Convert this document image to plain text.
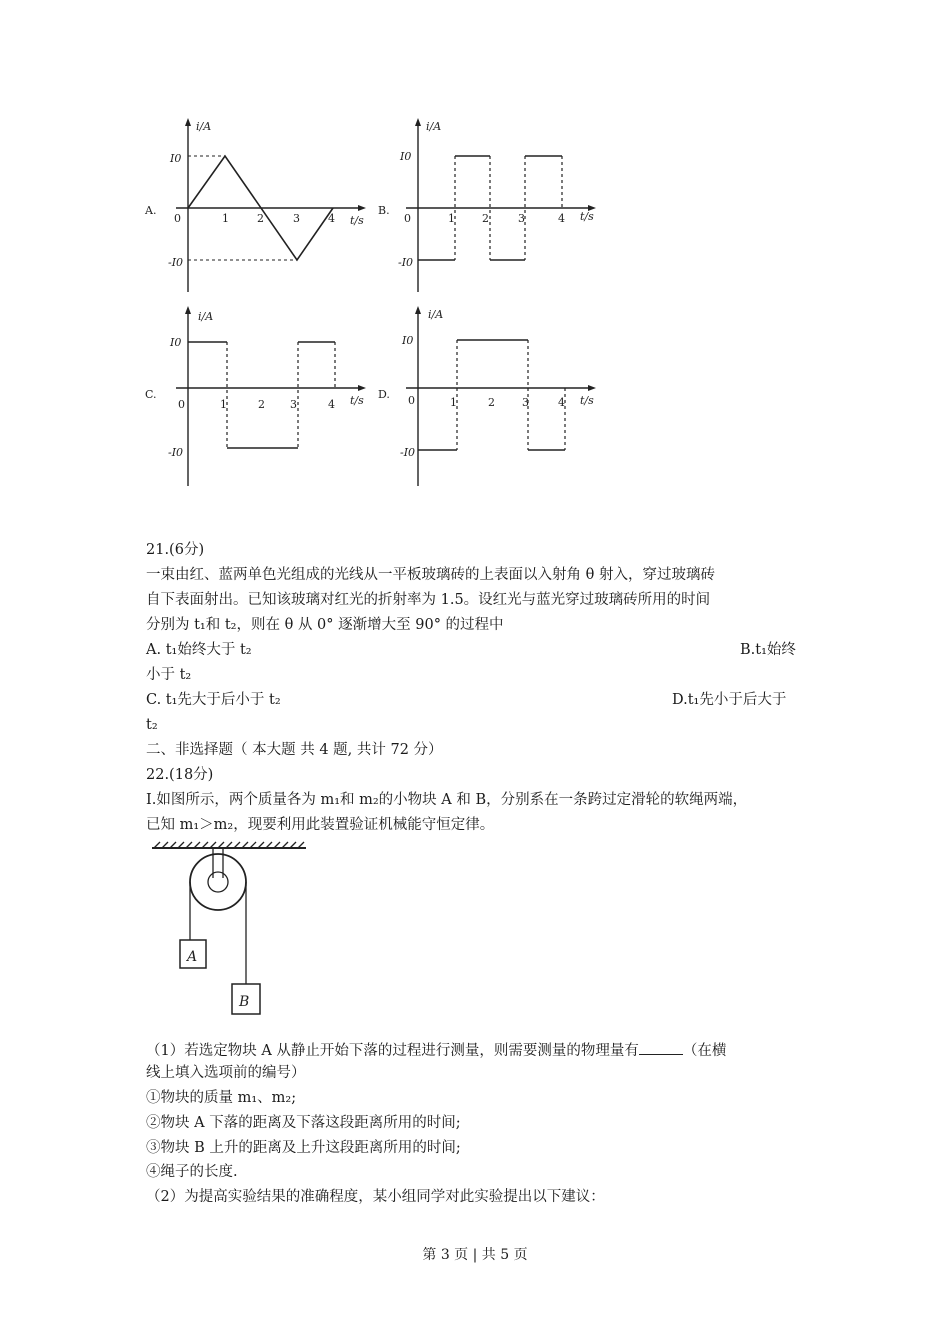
A.
i/A
t/s
0
I0
-I0
1	2	3	4
B.
i/A
t/s
0
I0
-I0
1 2	3	4
C.
i/A
t/s
0
I0
-I0
1	2 3	4
D.
i/A
t/s
0
I0
-I0
1	2 3	4
21.(6分)
一束由红、蓝两单色光组成的光线从一平板玻璃砖的上表面以入射角 θ 射入，穿过玻璃砖
自下表面射出。已知该玻璃对红光的折射率为 1.5。设红光与蓝光穿过玻璃砖所用的时间
分别为 t₁和 t₂，则在 θ 从 0° 逐渐增大至 90° 的过程中
A. t₁始终大于 t₂	B.t₁始终
小于 t₂
C. t₁先大于后小于 t₂	D.t₁先小于后大于
t₂
二、非选择题（ 本大题 共 4 题, 共计 72 分）
22.(18分)
I.如图所示，两个质量各为 m₁和 m₂的小物块 A 和 B，分别系在一条跨过定滑轮的软绳两端，
已知 m₁＞m₂，现要利用此装置验证机械能守恒定律。
A
B
（1）若选定物块 A 从静止开始下落的过程进行测量，则需要测量的物理量有	（在横
线上填入选项前的编号）
①物块的质量 m₁、m₂;
②物块 A 下落的距离及下落这段距离所用的时间;
③物块 B 上升的距离及上升这段距离所用的时间;
④绳子的长度.
（2）为提高实验结果的准确程度，某小组同学对此实验提出以下建议：
第 3 页 | 共 5 页
